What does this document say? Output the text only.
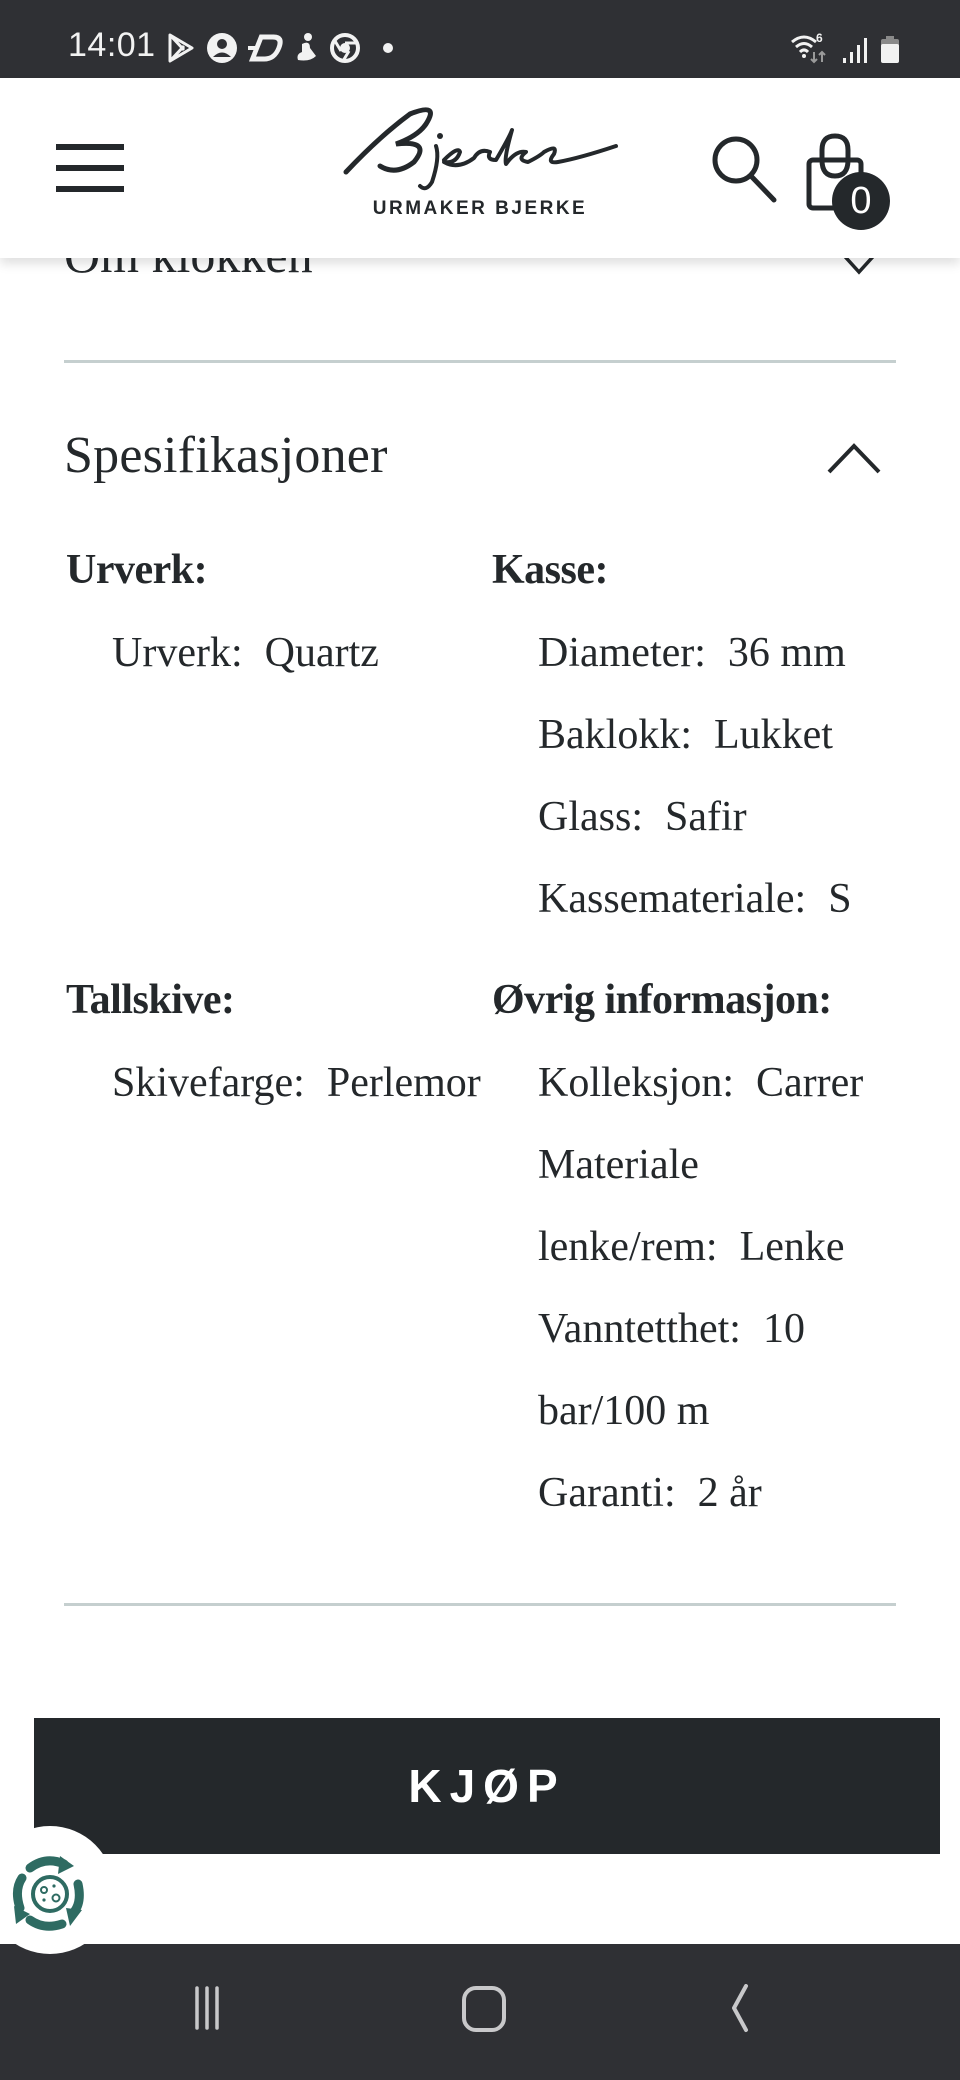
14:01	6
Spesifikasjoner
Urverk:
Urverk: Quartz
Kasse:
Diameter: 36 mm
Baklokk: Lukket
Glass: Safir
Kassemateriale: S
Tallskive:
Skivefarge: Perlemor
Øvrig informasjon:
Kolleksjon: Carrer
Materiale
lenke/rem: Lenke
Vanntetthet: 10
bar/100 m
Garanti: 2 år
URMAKER BJERKE	0
KJØP
